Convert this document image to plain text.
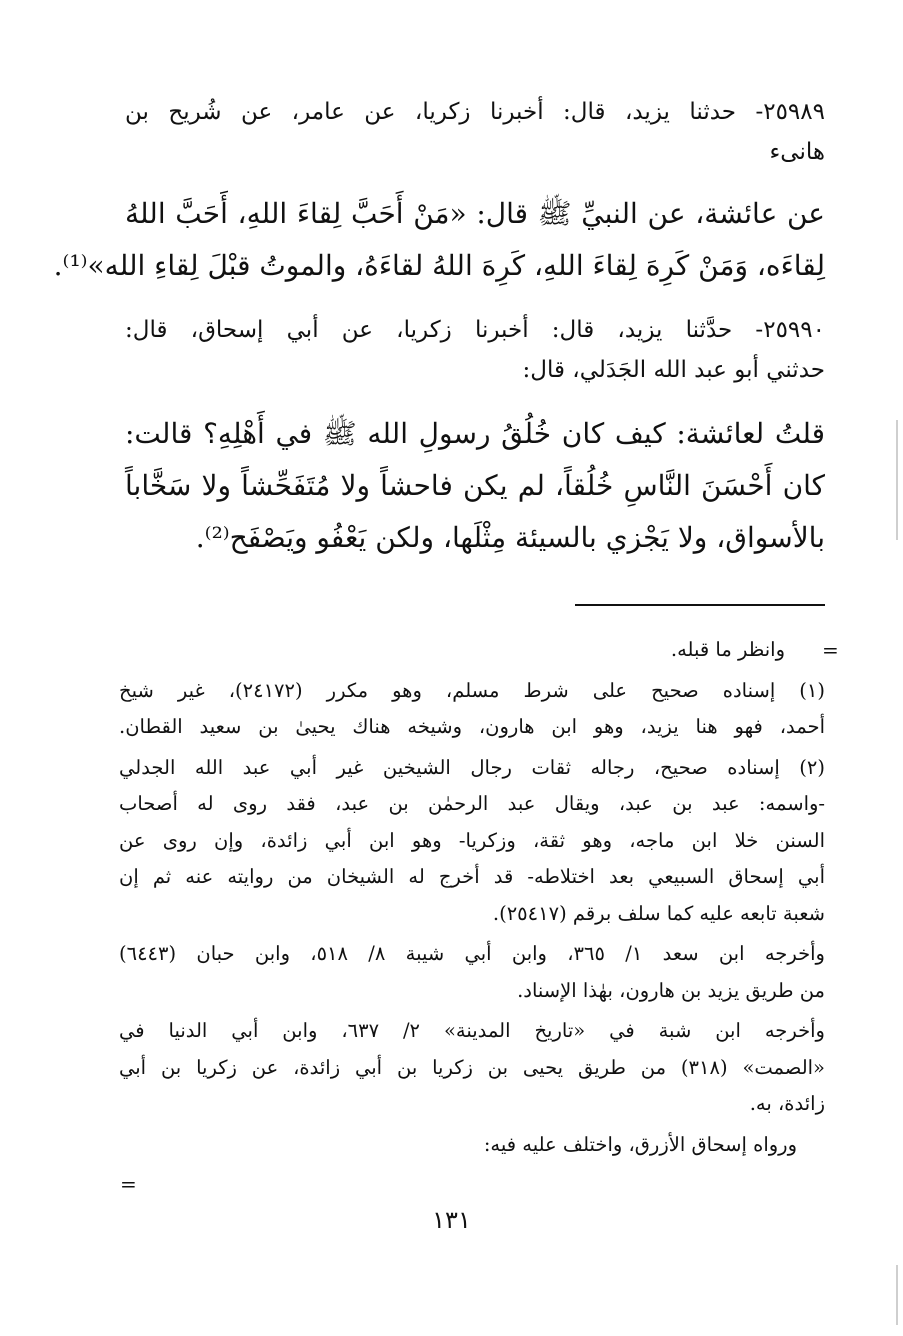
٢٥٩٨٩- حدثنا يزيد، قال: أخبرنا زكريا، عن عامر، عن شُريح بن
هانىء
عن عائشة، عن النبيِّ ﷺ قال: «مَنْ أَحَبَّ لِقاءَ اللهِ، أَحَبَّ اللهُ
لِقاءَه، وَمَنْ كَرِهَ لِقاءَ اللهِ، كَرِهَ اللهُ لقاءَهُ، والموتُ قبْلَ لِقاءِ الله»⁽¹⁾.
٢٥٩٩٠- حدَّثنا يزيد، قال: أخبرنا زكريا، عن أبي إسحاق، قال:
حدثني أبو عبد الله الجَدَلي، قال:
قلتُ لعائشة: كيف كان خُلُقُ رسولِ الله ﷺ في أَهْلِهِ؟ قالت:
كان أَحْسَنَ النَّاسِ خُلُقاً، لم يكن فاحشاً ولا مُتَفَحِّشاً ولا سَخَّاباً
بالأسواق، ولا يَجْزي بالسيئة مِثْلَها، ولكن يَعْفُو ويَصْفَح⁽²⁾.
=
وانظر ما قبله.
(١) إسناده صحيح على شرط مسلم، وهو مكرر (٢٤١٧٢)، غير شيخ
أحمد، فهو هنا يزيد، وهو ابن هارون، وشيخه هناك يحيىٰ بن سعيد القطان.
(٢) إسناده صحيح، رجاله ثقات رجال الشيخين غير أبي عبد الله الجدلي
-واسمه: عبد بن عبد، ويقال عبد الرحمٰن بن عبد، فقد روى له أصحاب
السنن خلا ابن ماجه، وهو ثقة، وزكريا- وهو ابن أبي زائدة، وإن روى عن
أبي إسحاق السبيعي بعد اختلاطه- قد أخرج له الشيخان من روايته عنه ثم إن
شعبة تابعه عليه كما سلف برقم (٢٥٤١٧).
وأخرجه ابن سعد ١/ ٣٦٥، وابن أبي شيبة ٨/ ٥١٨، وابن حبان (٦٤٤٣)
من طريق يزيد بن هارون، بهٰذا الإسناد.
وأخرجه ابن شبة في «تاريخ المدينة» ٢/ ٦٣٧، وابن أبي الدنيا في
«الصمت» (٣١٨) من طريق يحيى بن زكريا بن أبي زائدة، عن زكريا بن أبي
زائدة، به.
ورواه إسحاق الأزرق، واختلف عليه فيه:
=
١٣١
